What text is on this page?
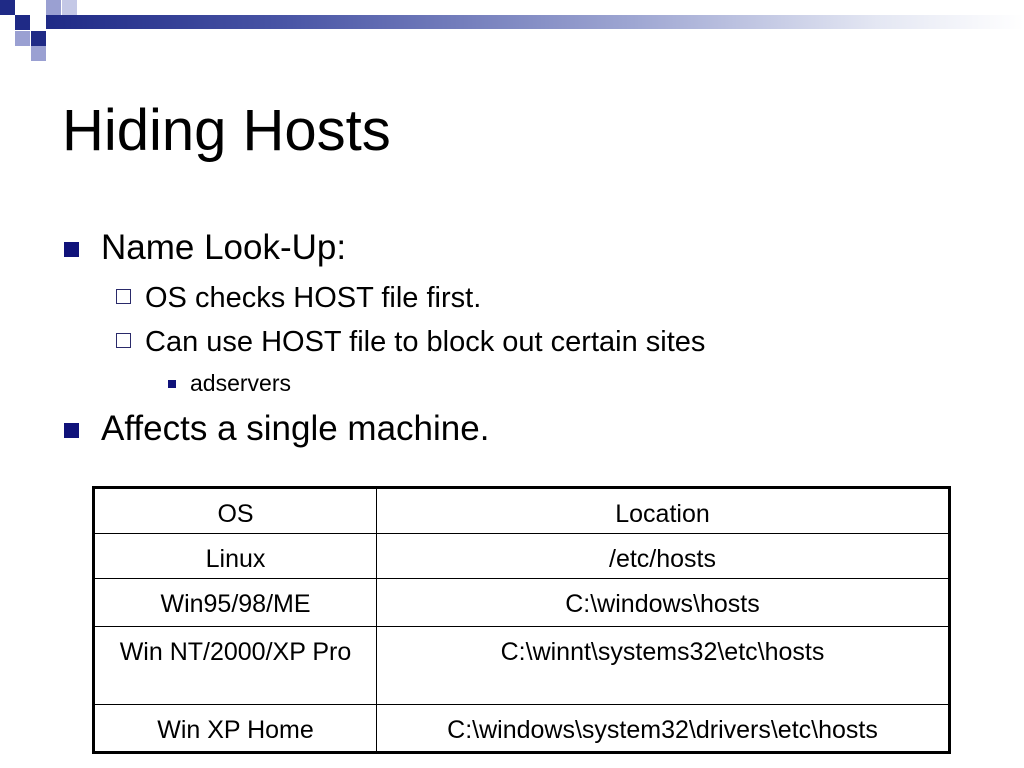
Hiding Hosts
Name Look-Up:
OS checks HOST file first.
Can use HOST file to block out certain sites
adservers
Affects a single machine.
OS	Location
Linux	/etc/hosts
Win95/98/ME	C:\windows\hosts
Win NT/2000/XP Pro	C:\winnt\systems32\etc\hosts
Win XP Home	C:\windows\system32\drivers\etc\hosts
